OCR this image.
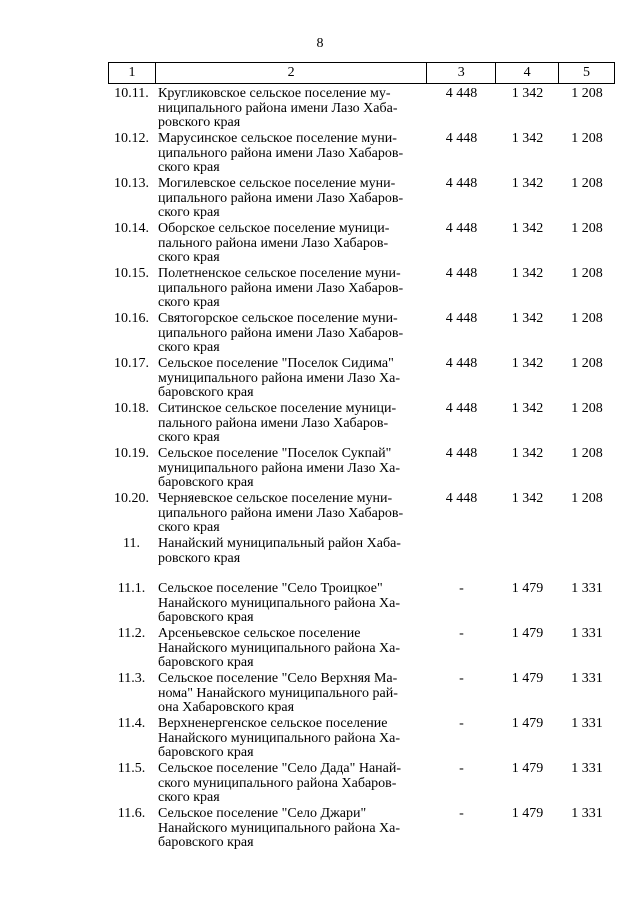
8
1	2	3	4	5
10.11. Кругликовское сельское поселение му-
ниципального района имени Лазо Хаба-
ровского края
4 448	1 342	1 208
10.12. Марусинское сельское поселение муни-
ципального района имени Лазо Хабаров-
ского края
4 448	1 342	1 208
10.13. Могилевское сельское поселение муни-
ципального района имени Лазо Хабаров-
ского края
4 448	1 342	1 208
10.14. Оборское сельское поселение муници-
пального района имени Лазо Хабаров-
ского края
4 448	1 342	1 208
10.15. Полетненское сельское поселение муни-
ципального района имени Лазо Хабаров-
ского края
4 448	1 342	1 208
10.16. Святогорское сельское поселение муни-
ципального района имени Лазо Хабаров-
ского края
4 448	1 342	1 208
10.17. Сельское поселение "Поселок Сидима"
муниципального района имени Лазо Ха-
баровского края
4 448	1 342	1 208
10.18. Ситинское сельское поселение муници-
пального района имени Лазо Хабаров-
ского края
4 448	1 342	1 208
10.19. Сельское поселение "Поселок Сукпай"
муниципального района имени Лазо Ха-
баровского края
4 448	1 342	1 208
10.20. Черняевское сельское поселение муни-
ципального района имени Лазо Хабаров-
ского края
4 448	1 342	1 208
11.	Нанайский муниципальный район Хаба-
ровского края
11.1. Сельское поселение "Село Троицкое"
Нанайского муниципального района Ха-
баровского края
-	1 479	1 331
11.2. Арсеньевское сельское поселение
Нанайского муниципального района Ха-
баровского края
-	1 479	1 331
11.3. Сельское поселение "Село Верхняя Ма-
нома" Нанайского муниципального рай-
она Хабаровского края
-	1 479	1 331
11.4. Верхненергенское сельское поселение
Нанайского муниципального района Ха-
баровского края
-	1 479	1 331
11.5. Сельское поселение "Село Дада" Нанай-
ского муниципального района Хабаров-
ского края
-	1 479	1 331
11.6. Сельское поселение "Село Джари"
Нанайского муниципального района Ха-
баровского края
-	1 479	1 331
